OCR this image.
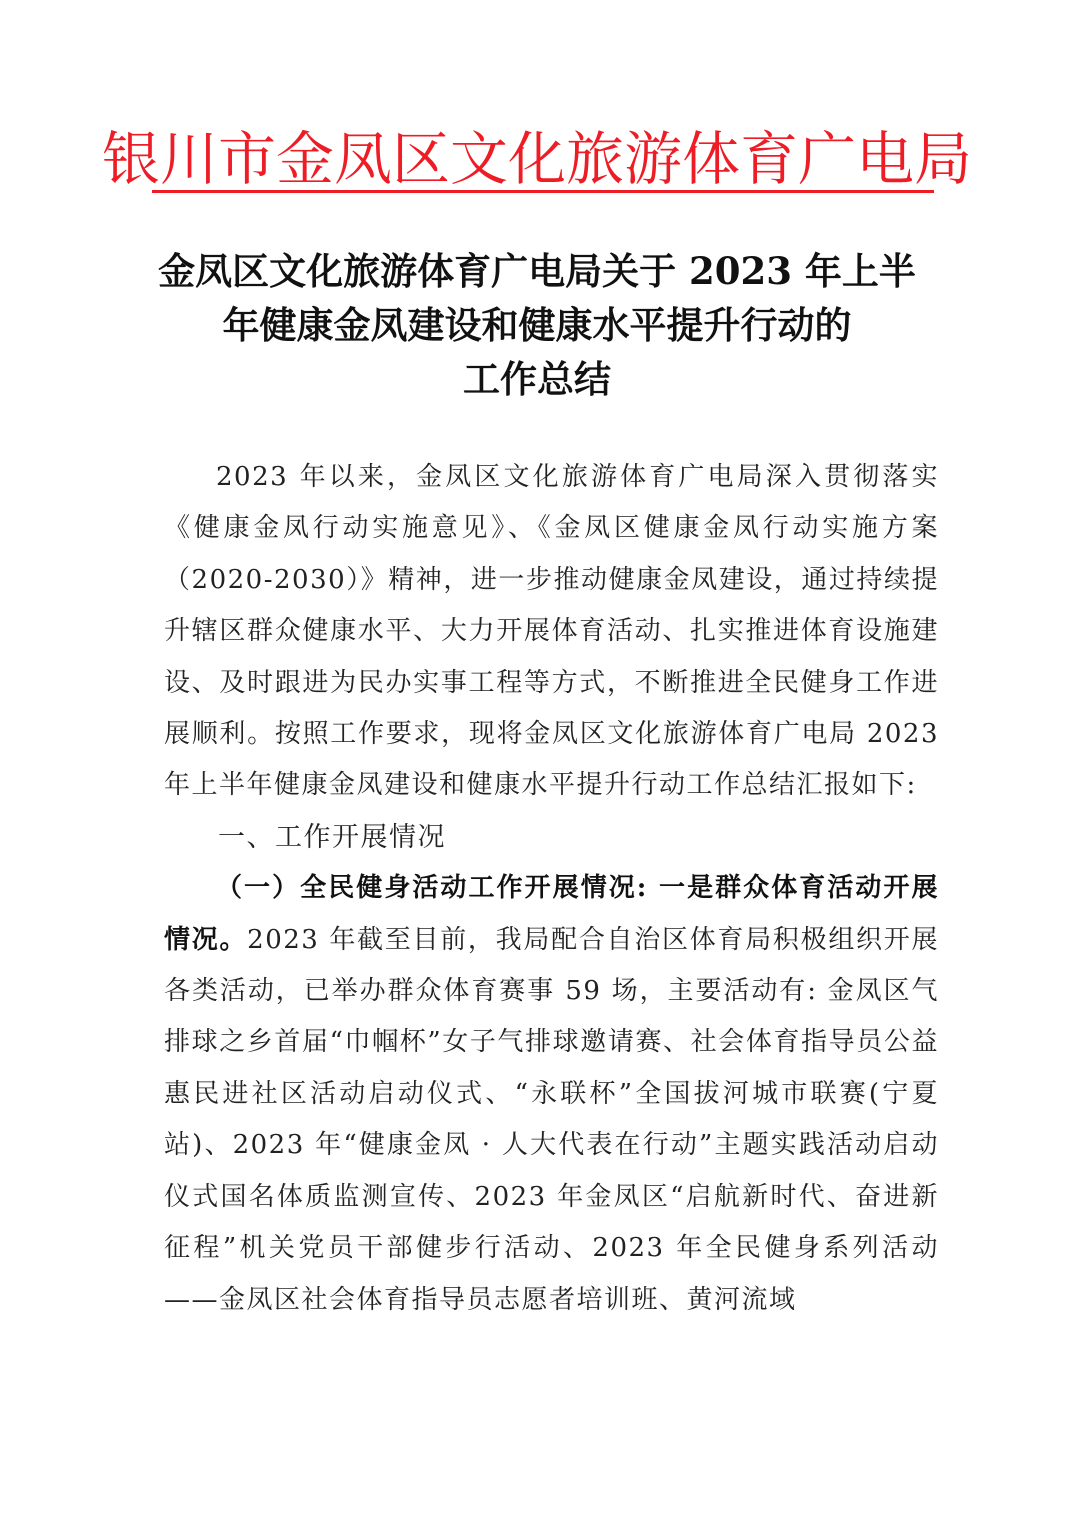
银川市金凤区文化旅游体育广电局
金凤区文化旅游体育广电局关于 2023 年上半
年健康金凤建设和健康水平提升行动的
工作总结

2023 年以来，金凤区文化旅游体育广电局深入贯彻落实《健康金凤行动实施意见》、《金凤区健康金凤行动实施方案（2020-2030）》精神，进一步推动健康金凤建设，通过持续提升辖区群众健康水平、大力开展体育活动、扎实推进体育设施建设、及时跟进为民办实事工程等方式，不断推进全民健身工作进展顺利。按照工作要求，现将金凤区文化旅游体育广电局 2023 年上半年健康金凤建设和健康水平提升行动工作总结汇报如下:

一、工作开展情况

（一）全民健身活动工作开展情况: 一是群众体育活动开展情况。2023 年截至目前，我局配合自治区体育局积极组织开展各类活动，已举办群众体育赛事 59 场，主要活动有: 金凤区气排球之乡首届“巾帼杯”女子气排球邀请赛、社会体育指导员公益惠民进社区活动启动仪式、“永联杯”全国拔河城市联赛(宁夏站)、2023 年“健康金凤 · 人大代表在行动”主题实践活动启动仪式国名体质监测宣传、2023 年金凤区“启航新时代、奋进新征程”机关党员干部健步行活动、2023 年全民健身系列活动——金凤区社会体育指导员志愿者培训班、黄河流域
